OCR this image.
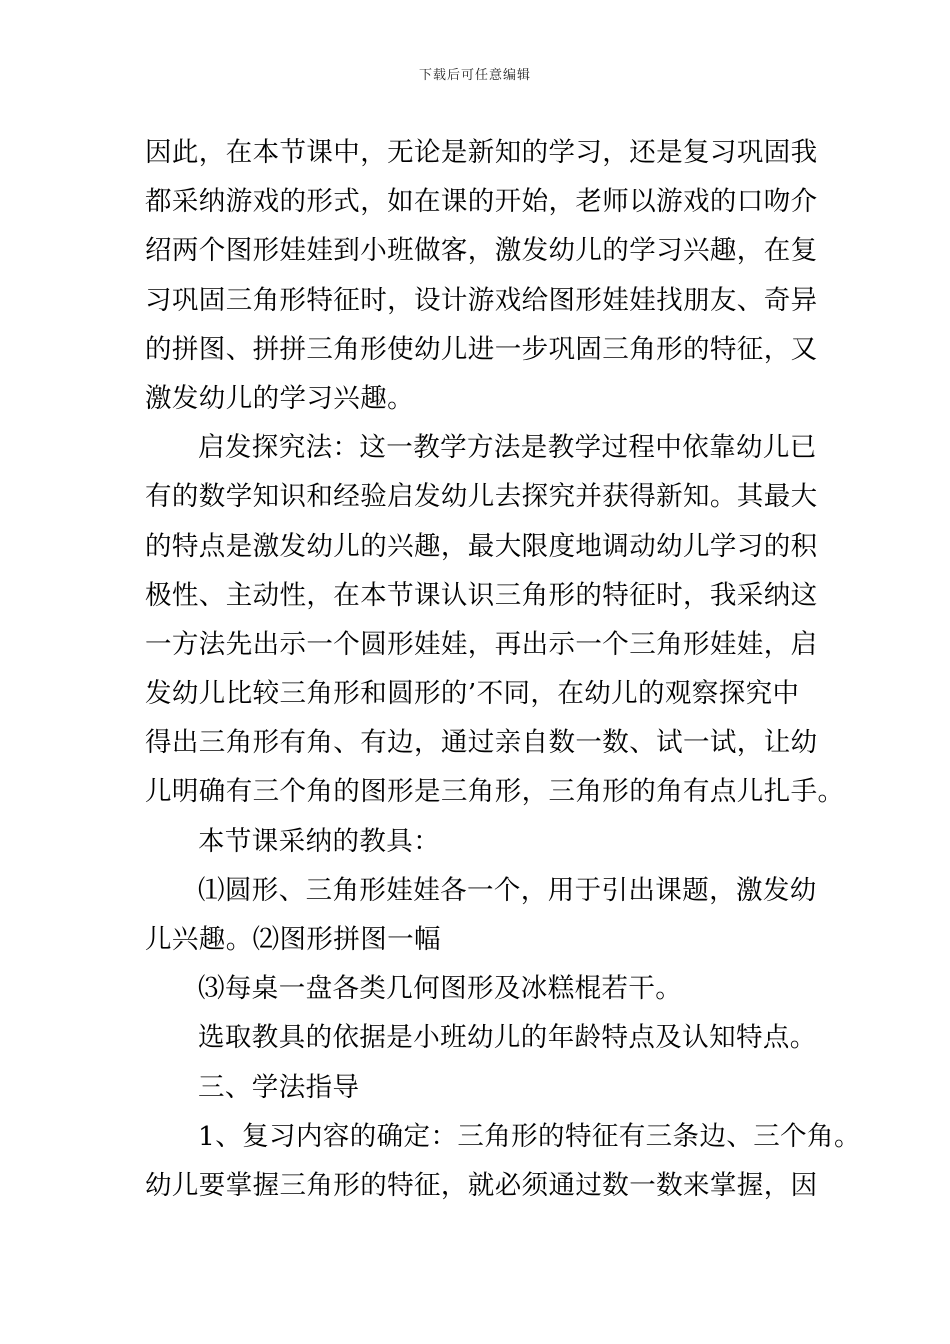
下载后可任意编辑
因此，在本节课中，无论是新知的学习，还是复习巩固我
都采纳游戏的形式，如在课的开始，老师以游戏的口吻介
绍两个图形娃娃到小班做客，激发幼儿的学习兴趣，在复
习巩固三角形特征时，设计游戏给图形娃娃找朋友、奇异
的拼图、拼拼三角形使幼儿进一步巩固三角形的特征，又
激发幼儿的学习兴趣。
启发探究法：这一教学方法是教学过程中依靠幼儿已
有的数学知识和经验启发幼儿去探究并获得新知。其最大
的特点是激发幼儿的兴趣，最大限度地调动幼儿学习的积
极性、主动性，在本节课认识三角形的特征时，我采纳这
一方法先出示一个圆形娃娃，再出示一个三角形娃娃，启
发幼儿比较三角形和圆形的’不同，在幼儿的观察探究中
得出三角形有角、有边，通过亲自数一数、试一试，让幼
儿明确有三个角的图形是三角形，三角形的角有点儿扎手。
本节课采纳的教具：
⑴圆形、三角形娃娃各一个，用于引出课题，激发幼
儿兴趣。⑵图形拼图一幅
⑶每桌一盘各类几何图形及冰糕棍若干。
选取教具的依据是小班幼儿的年龄特点及认知特点。
三、学法指导
1、复习内容的确定：三角形的特征有三条边、三个角。
幼儿要掌握三角形的特征，就必须通过数一数来掌握，因
